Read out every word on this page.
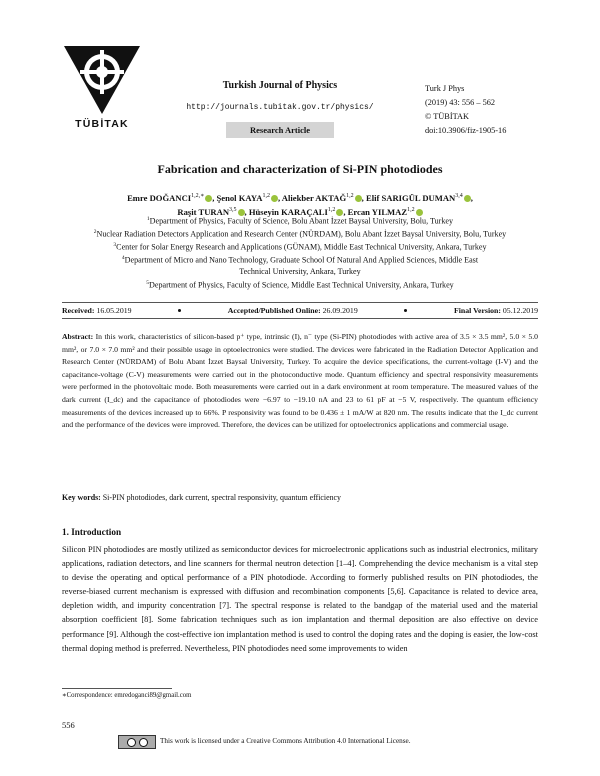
TÜBİTAK
Turkish Journal of Physics
http://journals.tubitak.gov.tr/physics/
Research Article
Turk J Phys
(2019) 43: 556 – 562
© TÜBİTAK
doi:10.3906/fiz-1905-16
Fabrication and characterization of Si-PIN photodiodes
Emre $DOĞANCI^{1,2,∗}$ , Şenol KAYA$^{1,2}$ , Aliekber AKTAĞ$^{1,2}$ , Elif SARIGÜL DUMAN$^{3,4}$ ,
Raşit TURAN$^{3,5}$ , Hüseyin KARAÇALI$^{1,2}$ , Ercan YILMAZ$^{1,2}$
$^1$Department of Physics, Faculty of Science, Bolu Abant İzzet Baysal University, Bolu, Turkey
$^2$Nuclear Radiation Detectors Application and Research Center (NÜRDAM), Bolu Abant İzzet Baysal University, Bolu, Turkey
$^3$Center for Solar Energy Research and Applications (GÜNAM), Middle East Technical University, Ankara, Turkey
$^4$Department of Micro and Nano Technology, Graduate School Of Natural And Applied Sciences, Middle East Technical University, Ankara, Turkey
$^5$Department of Physics, Faculty of Science, Middle East Technical University, Ankara, Turkey
Received: 16.05.2019	Accepted/Published Online: 26.09.2019	Final Version: 05.12.2019
Abstract: In this work, characteristics of silicon-based p⁺ type, intrinsic (I), n⁻ type (Si-PIN) photodiodes with active area of 3.5 × 3.5 mm², 5.0 × 5.0 mm², or 7.0 × 7.0 mm² and their possible usage in optoelectronics were studied. The devices were fabricated in the Radiation Detector Application and Research Center (NÜRDAM) of Bolu Abant İzzet Baysal University, Turkey. To acquire the device specifications, the current-voltage (I-V) and the capacitance-voltage (C-V) measurements were carried out in the photoconductive mode. Quantum efficiency and spectral responsivity measurements were performed in the photovoltaic mode. Both measurements were carried out in a dark environment at room temperature. The measured values of the dark current (I_dc) and the capacitance of photodiodes were −6.97 to −19.10 nA and 23 to 61 pF at −5 V, respectively. The quantum efficiency measurements of the devices increased up to 66%. P responsivity was found to be 0.436 ± 1 mA/W at 820 nm. The results indicate that the I_dc current and the performance of the devices were improved. Therefore, the devices can be utilized for optoelectronics applications and commercial usage.
Key words: Si-PIN photodiodes, dark current, spectral responsivity, quantum efficiency
1. Introduction
Silicon PIN photodiodes are mostly utilized as semiconductor devices for microelectronic applications such as industrial electronics, military applications, radiation detectors, and line scanners for thermal neutron detection [1–4]. Comprehending the device mechanism is a vital step to devise the operating and optical performance of a PIN photodiode. According to formerly published results on PIN photodiodes, the reverse-biased current mechanism is expressed with diffusion and recombination components [5,6]. Capacitance is related to device area, depletion width, and impurity concentration [7]. The spectral response is related to the bandgap of the material used and the material absorption coefficient [8]. Some fabrication techniques such as ion implantation and thermal deposition are also effective on device performance [9]. Although the cost-effective ion implantation method is used to control the doping rates and the doping is easier, the low-cost thermal doping method is preferred. Nevertheless, PIN photodiodes need some improvements to widen
∗Correspondence: emredoganci89@gmail.com
556
This work is licensed under a Creative Commons Attribution 4.0 International License.
